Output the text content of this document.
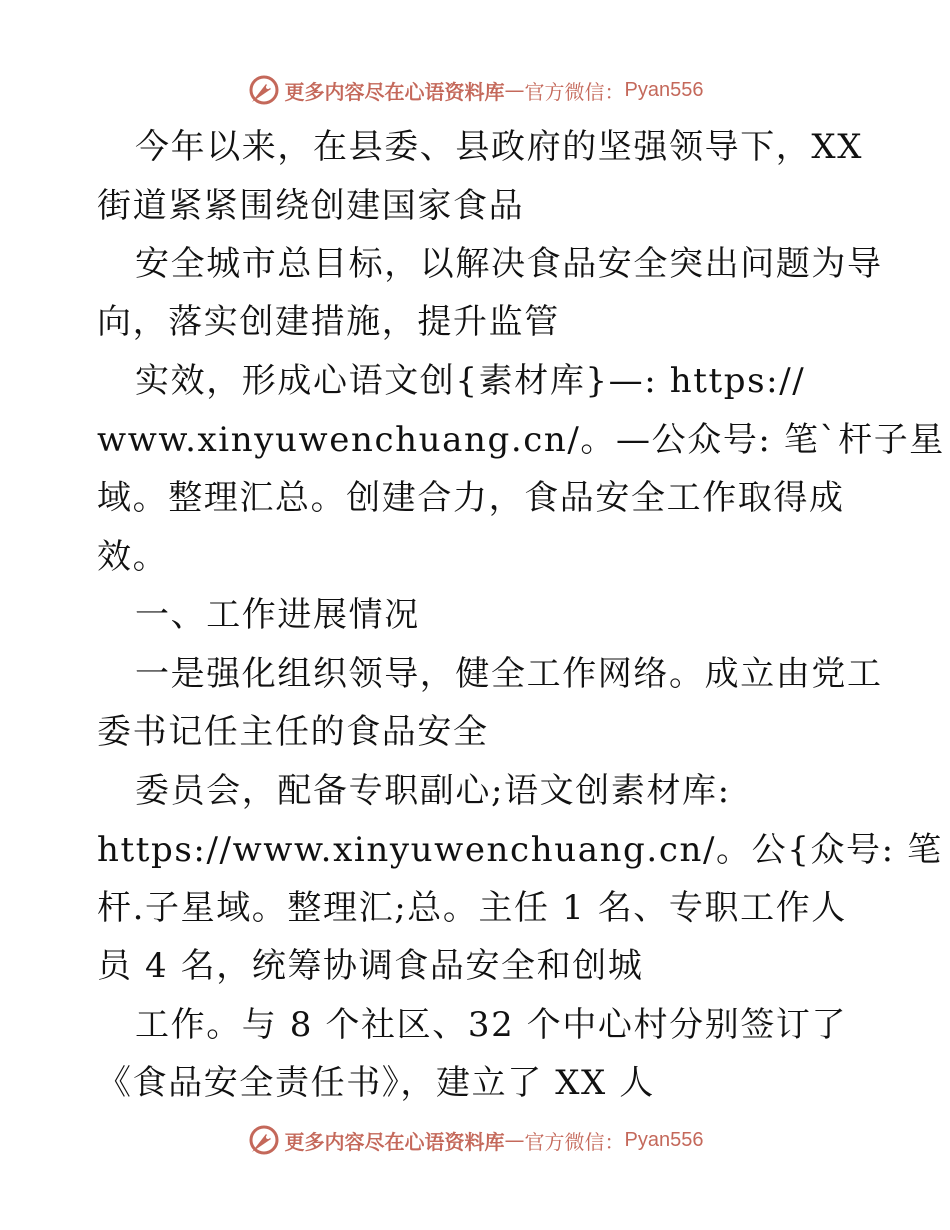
更多内容尽在心语资料库 — 官方微信： Pyan556
今年以来，在县委、县政府的坚强领导下，XX
街道紧紧围绕创建国家食品
安全城市总目标，以解决食品安全突出问题为导
向，落实创建措施，提升监管
实效，形成心语文创{素材库}—: https://
www.xinyuwenchuang.cn/。—公众号: 笔`杆子星
域。整理汇总。创建合力，食品安全工作取得成
效。
一、工作进展情况
一是强化组织领导，健全工作网络。成立由党工
委书记任主任的食品安全
委员会，配备专职副心;语文创素材库:
https://www.xinyuwenchuang.cn/。公{众号: 笔
杆.子星域。整理汇;总。主任 1 名、专职工作人
员 4 名，统筹协调食品安全和创城
工作。与 8 个社区、32 个中心村分别签订了
《食品安全责任书》，建立了 XX 人
更多内容尽在心语资料库 — 官方微信： Pyan556
